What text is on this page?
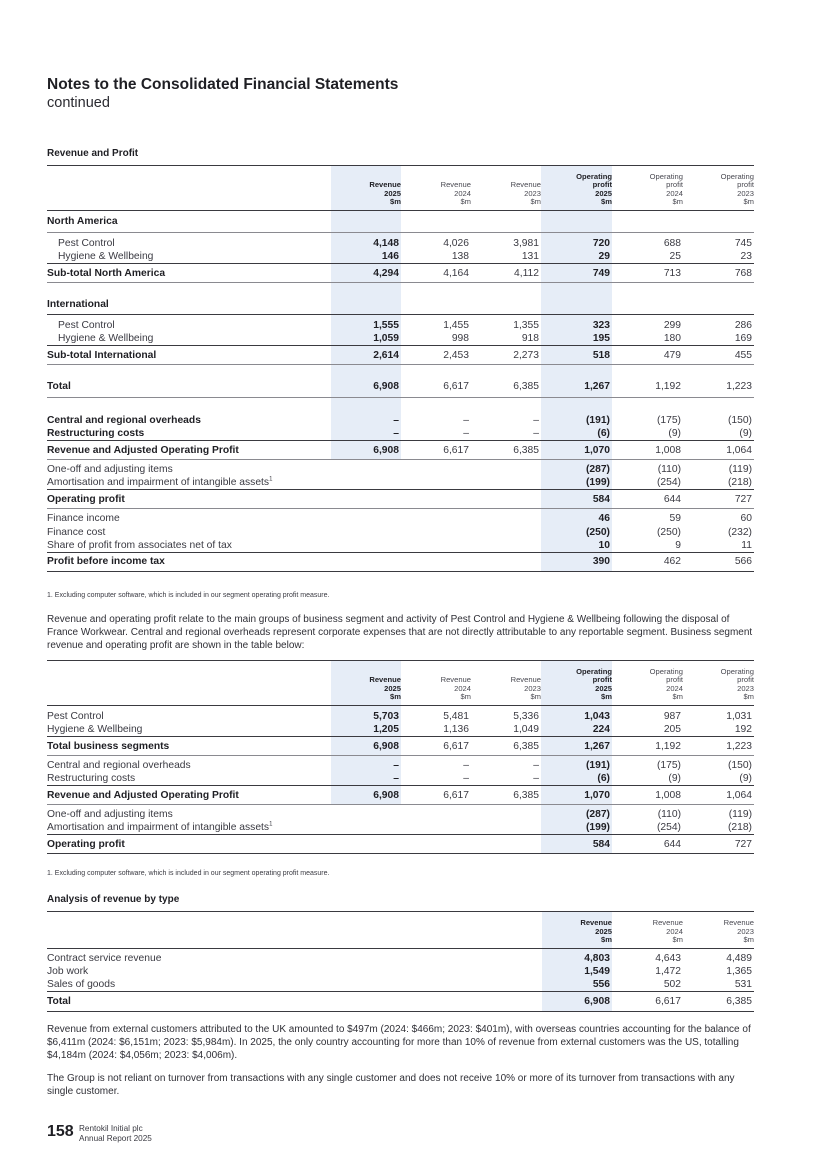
Notes to the Consolidated Financial Statements
continued
Revenue and Profit
	Revenue
2025
$m	Revenue
2024
$m	Revenue
2023
$m	Operating
profit
2025
$m	Operating
profit
2024
$m	Operating
profit
2023
$m
North America						
Pest Control	4,148	4,026	3,981	720	688	745
Hygiene & Wellbeing	146	138	131	29	25	23
Sub-total North America	4,294	4,164	4,112	749	713	768
International						
Pest Control	1,555	1,455	1,355	323	299	286
Hygiene & Wellbeing	1,059	998	918	195	180	169
Sub-total International	2,614	2,453	2,273	518	479	455
Total	6,908	6,617	6,385	1,267	1,192	1,223
Central and regional overheads	–	–	–	(191)	(175)	(150)
Restructuring costs	–	–	–	(6)	(9)	(9)
Revenue and Adjusted Operating Profit	6,908	6,617	6,385	1,070	1,008	1,064
One-off and adjusting items				(287)	(110)	(119)
Amortisation and impairment of intangible assets$^1$				(199)	(254)	(218)
Operating profit				584	644	727
Finance income				46	59	60
Finance cost				(250)	(250)	(232)
Share of profit from associates net of tax				10	9	11
Profit before income tax				390	462	566
1. Excluding computer software, which is included in our segment operating profit measure.
Revenue and operating profit relate to the main groups of business segment and activity of Pest Control and Hygiene & Wellbeing following the disposal of France Workwear. Central and regional overheads represent corporate expenses that are not directly attributable to any reportable segment. Business segment revenue and operating profit are shown in the table below:
	Revenue
2025
$m	Revenue
2024
$m	Revenue
2023
$m	Operating
profit
2025
$m	Operating
profit
2024
$m	Operating
profit
2023
$m
Pest Control	5,703	5,481	5,336	1,043	987	1,031
Hygiene & Wellbeing	1,205	1,136	1,049	224	205	192
Total business segments	6,908	6,617	6,385	1,267	1,192	1,223
Central and regional overheads	–	–	–	(191)	(175)	(150)
Restructuring costs	–	–	–	(6)	(9)	(9)
Revenue and Adjusted Operating Profit	6,908	6,617	6,385	1,070	1,008	1,064
One-off and adjusting items				(287)	(110)	(119)
Amortisation and impairment of intangible assets$^1$				(199)	(254)	(218)
Operating profit				584	644	727
1. Excluding computer software, which is included in our segment operating profit measure.
Analysis of revenue by type
	Revenue
2025
$m	Revenue
2024
$m	Revenue
2023
$m
Contract service revenue	4,803	4,643	4,489
Job work	1,549	1,472	1,365
Sales of goods	556	502	531
Total	6,908	6,617	6,385
Revenue from external customers attributed to the UK amounted to $497m (2024: $466m; 2023: $401m), with overseas countries accounting for the balance of $6,411m (2024: $6,151m; 2023: $5,984m). In 2025, the only country accounting for more than 10% of revenue from external customers was the US, totalling $4,184m (2024: $4,056m; 2023: $4,006m).
The Group is not reliant on turnover from transactions with any single customer and does not receive 10% or more of its turnover from transactions with any single customer.
158 Rentokil Initial plc
Annual Report 2025
